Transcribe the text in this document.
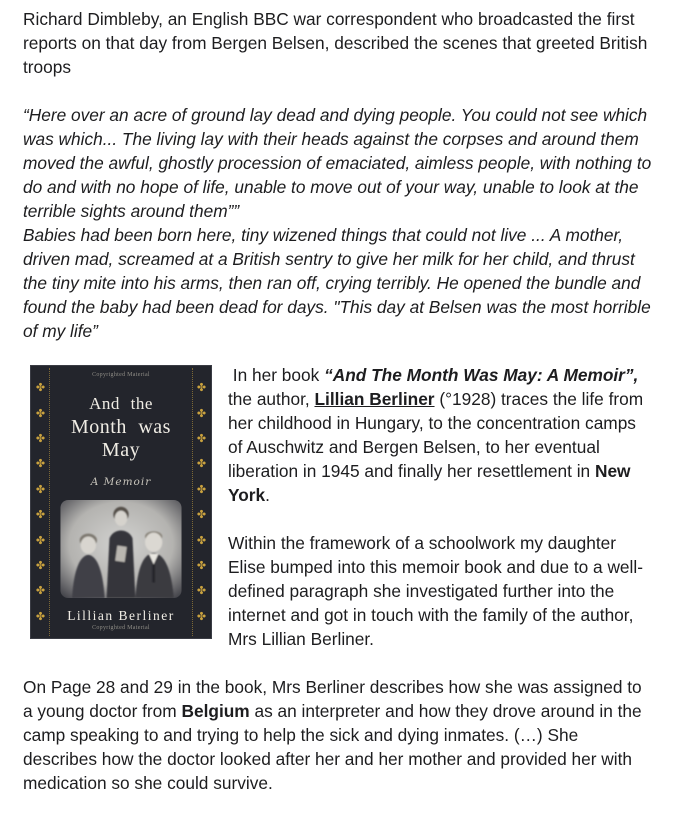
Richard Dimbleby, an English BBC war correspondent who broadcasted the first reports on that day from Bergen Belsen, described the scenes that greeted British troops

“Here over an acre of ground lay dead and dying people. You could not see which was which... The living lay with their heads against the corpses and around them moved the awful, ghostly procession of emaciated, aimless people, with nothing to do and with no hope of life, unable to move out of your way, unable to look at the terrible sights around them””

Babies had been born here, tiny wizened things that could not live ... A mother, driven mad, screamed at a British sentry to give her milk for her child, and thrust the tiny mite into his arms, then ran off, crying terribly. He opened the bundle and found the baby had been dead for days. "This day at Belsen was the most horrible of my life”

✤
✤
✤
✤
✤
✤
✤
✤
✤
✤
Copyrighted Material
And the
Month was May
A Memoir
Lillian Berliner
Copyrighted Material
✤
✤
✤
✤
✤
✤
✤
✤
✤
✤

In her book “And The Month Was May: A Memoir”, the author, Lillian Berliner (°1928) traces the life from her childhood in Hungary, to the concentration camps of Auschwitz and Bergen Belsen, to her eventual liberation in 1945 and finally her resettlement in New York.

Within the framework of a schoolwork my daughter Elise bumped into this memoir book and due to a well-defined paragraph she investigated further into the internet and got in touch with the family of the author, Mrs Lillian Berliner.

On Page 28 and 29 in the book, Mrs Berliner describes how she was assigned to a young doctor from Belgium as an interpreter and how they drove around in the camp speaking to and trying to help the sick and dying inmates. (…) She describes how the doctor looked after her and her mother and provided her with medication so she could survive.
